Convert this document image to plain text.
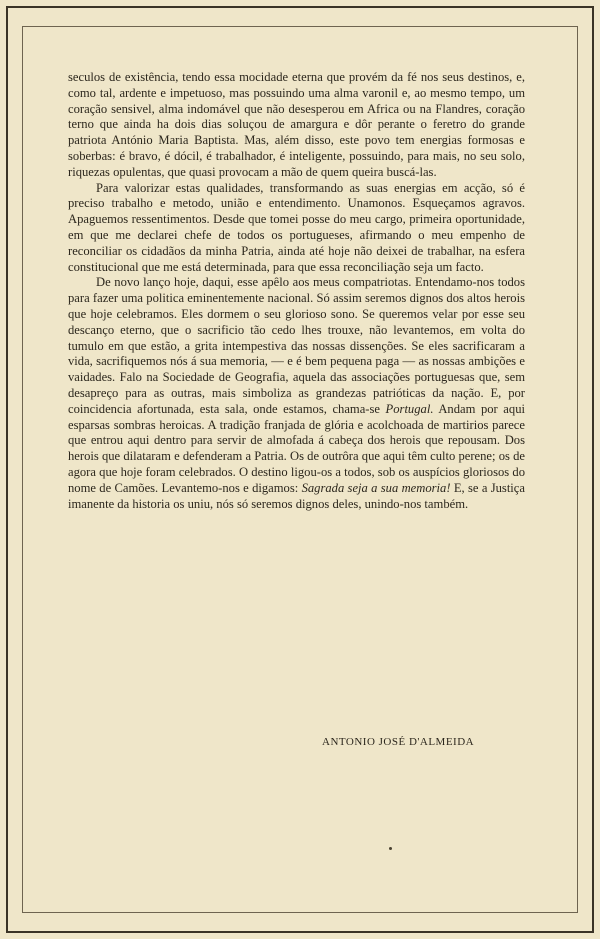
seculos de existência, tendo essa mocidade eterna que provém da fé nos seus destinos, e, como tal, ardente e impetuoso, mas possuindo uma alma varonil e, ao mesmo tempo, um coração sensivel, alma indomável que não desesperou em Africa ou na Flandres, coração terno que ainda ha dois dias soluçou de amargura e dôr perante o feretro do grande patriota António Maria Baptista. Mas, além disso, este povo tem energias formosas e soberbas: é bravo, é dócil, é trabalhador, é inteligente, possuindo, para mais, no seu solo, riquezas opulentas, que quasi provocam a mão de quem queira buscá-las.

Para valorizar estas qualidades, transformando as suas energias em acção, só é preciso trabalho e metodo, união e entendimento. Unamonos. Esqueçamos agravos. Apaguemos ressentimentos. Desde que tomei posse do meu cargo, primeira oportunidade, em que me declarei chefe de todos os portugueses, afirmando o meu empenho de reconciliar os cidadãos da minha Patria, ainda até hoje não deixei de trabalhar, na esfera constitucional que me está determinada, para que essa reconciliação seja um facto.

De novo lanço hoje, daqui, esse apêlo aos meus compatriotas. Entendamo-nos todos para fazer uma politica eminentemente nacional. Só assim seremos dignos dos altos herois que hoje celebramos. Eles dormem o seu glorioso sono. Se queremos velar por esse seu descanço eterno, que o sacrificio tão cedo lhes trouxe, não levantemos, em volta do tumulo em que estão, a grita intempestiva das nossas dissenções. Se eles sacrificaram a vida, sacrifiquemos nós á sua memoria, — e é bem pequena paga — as nossas ambições e vaidades. Falo na Sociedade de Geografia, aquela das associações portuguesas que, sem desapreço para as outras, mais simboliza as grandezas patrióticas da nação. E, por coincidencia afortunada, esta sala, onde estamos, chama-se Portugal. Andam por aqui esparsas sombras heroicas. A tradição franjada de glória e acolchoada de martirios parece que entrou aqui dentro para servir de almofada á cabeça dos herois que repousam. Dos herois que dilataram e defenderam a Patria. Os de outrôra que aqui têm culto perene; os de agora que hoje foram celebrados. O destino ligou-os a todos, sob os auspícios gloriosos do nome de Camões. Levantemo-nos e digamos: Sagrada seja a sua memoria! E, se a Justiça imanente da historia os uniu, nós só seremos dignos deles, unindo-nos também.

ANTONIO JOSÉ D'ALMEIDA
